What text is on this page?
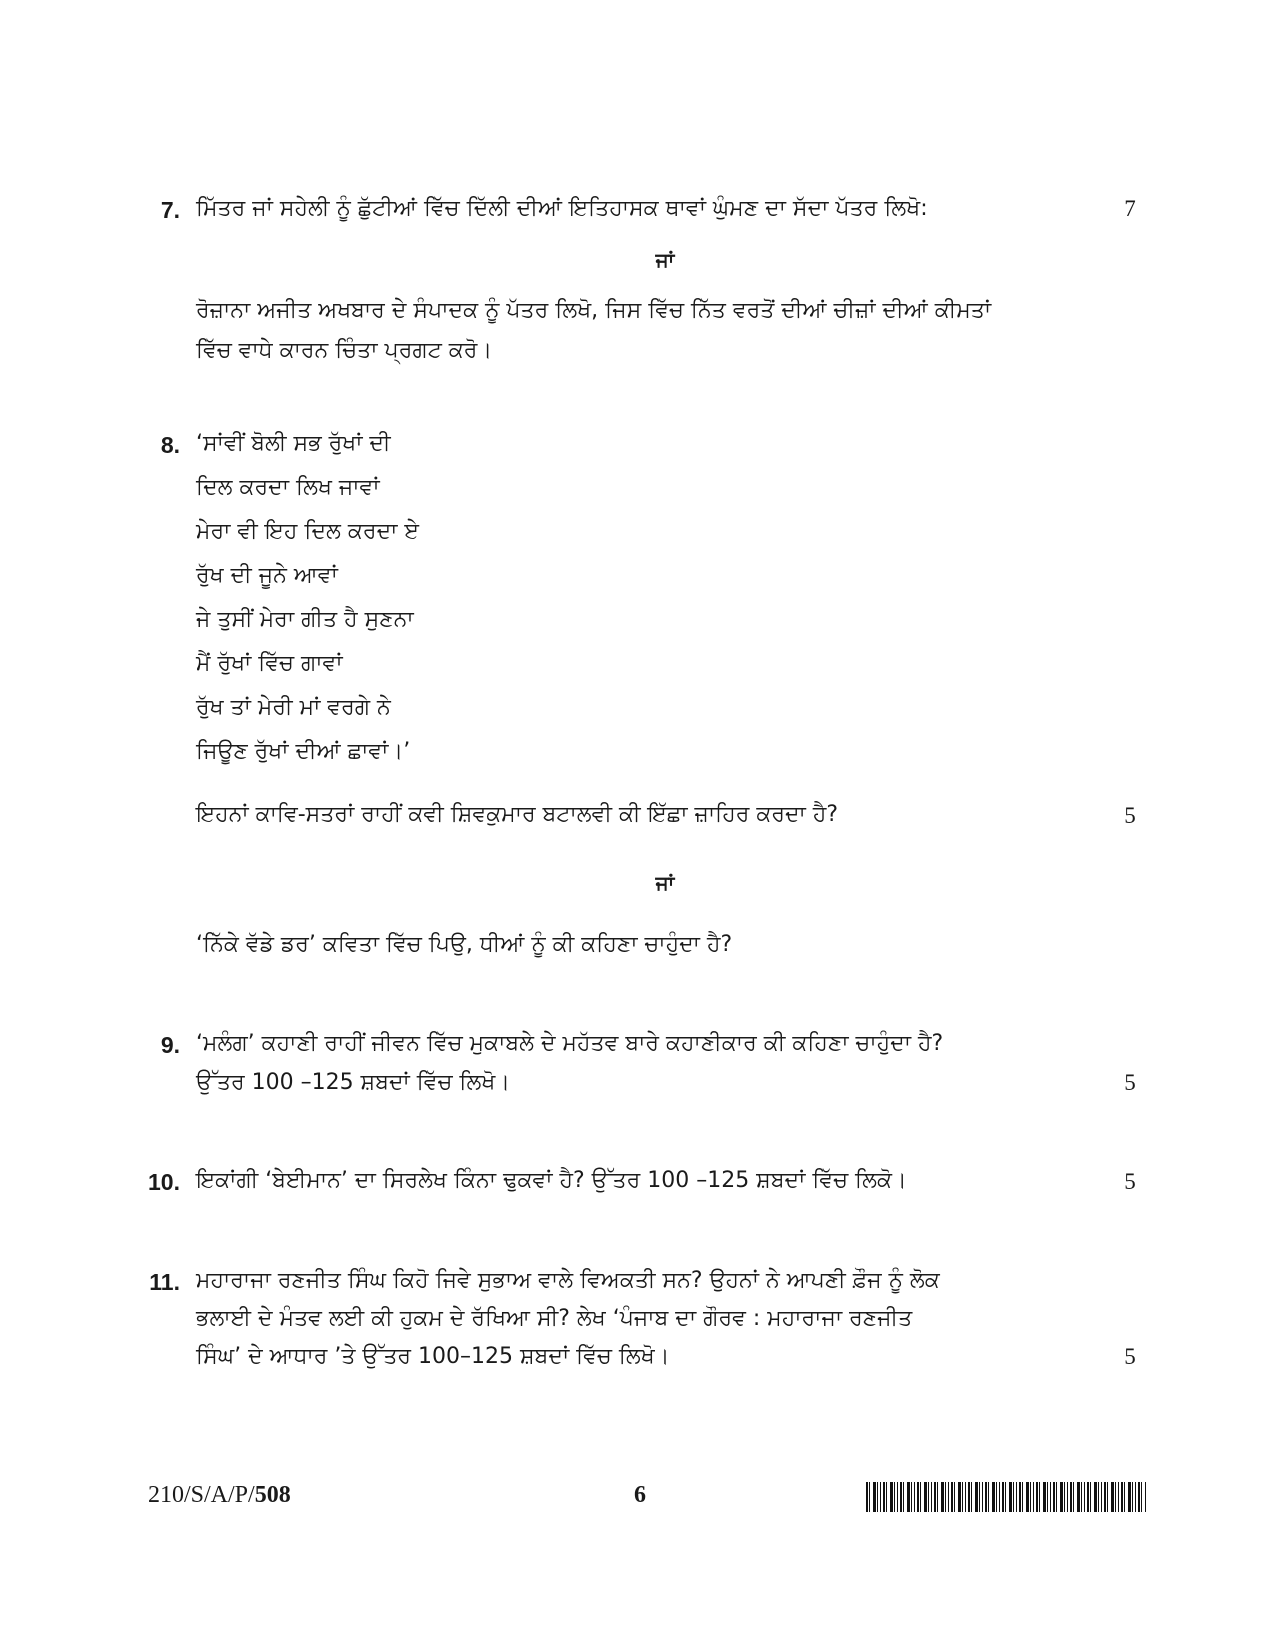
7. ਮਿੱਤਰ ਜਾਂ ਸਹੇਲੀ ਨੂੰ ਛੁੱਟੀਆਂ ਵਿੱਚ ਦਿੱਲੀ ਦੀਆਂ ਇਤਿਹਾਸਕ ਥਾਵਾਂ ਘੁੰਮਣ ਦਾ ਸੱਦਾ ਪੱਤਰ ਲਿਖੋ:	7
ਜਾਂ
ਰੋਜ਼ਾਨਾ ਅਜੀਤ ਅਖਬਾਰ ਦੇ ਸੰਪਾਦਕ ਨੂੰ ਪੱਤਰ ਲਿਖੋ, ਜਿਸ ਵਿੱਚ ਨਿੱਤ ਵਰਤੋਂ ਦੀਆਂ ਚੀਜ਼ਾਂ ਦੀਆਂ ਕੀਮਤਾਂ
ਵਿੱਚ ਵਾਧੇ ਕਾਰਨ ਚਿੰਤਾ ਪ੍ਰਗਟ ਕਰੋ।
8. ‘ਸਾਂਵੀਂ ਬੋਲੀ ਸਭ ਰੁੱਖਾਂ ਦੀ
ਦਿਲ ਕਰਦਾ ਲਿਖ ਜਾਵਾਂ
ਮੇਰਾ ਵੀ ਇਹ ਦਿਲ ਕਰਦਾ ਏ
ਰੁੱਖ ਦੀ ਜੂਨੇ ਆਵਾਂ
ਜੇ ਤੁਸੀਂ ਮੇਰਾ ਗੀਤ ਹੈ ਸੁਣਨਾ
ਮੈਂ ਰੁੱਖਾਂ ਵਿੱਚ ਗਾਵਾਂ
ਰੁੱਖ ਤਾਂ ਮੇਰੀ ਮਾਂ ਵਰਗੇ ਨੇ
ਜਿਊਣ ਰੁੱਖਾਂ ਦੀਆਂ ਛਾਵਾਂ।’
ਇਹਨਾਂ ਕਾਵਿ-ਸਤਰਾਂ ਰਾਹੀਂ ਕਵੀ ਸ਼ਿਵਕੁਮਾਰ ਬਟਾਲਵੀ ਕੀ ਇੱਛਾ ਜ਼ਾਹਿਰ ਕਰਦਾ ਹੈ?	5
ਜਾਂ
‘ਨਿੱਕੇ ਵੱਡੇ ਡਰ’ ਕਵਿਤਾ ਵਿੱਚ ਪਿਉ, ਧੀਆਂ ਨੂੰ ਕੀ ਕਹਿਣਾ ਚਾਹੁੰਦਾ ਹੈ?
9. ‘ਮਲੰਗ’ ਕਹਾਣੀ ਰਾਹੀਂ ਜੀਵਨ ਵਿੱਚ ਮੁਕਾਬਲੇ ਦੇ ਮਹੱਤਵ ਬਾਰੇ ਕਹਾਣੀਕਾਰ ਕੀ ਕਹਿਣਾ ਚਾਹੁੰਦਾ ਹੈ?
ਉੱਤਰ 100 –125 ਸ਼ਬਦਾਂ ਵਿੱਚ ਲਿਖੋ।	5
10. ਇਕਾਂਗੀ ‘ਬੇਈਮਾਨ’ ਦਾ ਸਿਰਲੇਖ ਕਿੰਨਾ ਢੁਕਵਾਂ ਹੈ? ਉੱਤਰ 100 –125 ਸ਼ਬਦਾਂ ਵਿੱਚ ਲਿਕੋ।	5
11. ਮਹਾਰਾਜਾ ਰਣਜੀਤ ਸਿੰਘ ਕਿਹੋ ਜਿਵੇ ਸੁਭਾਅ ਵਾਲੇ ਵਿਅਕਤੀ ਸਨ? ਉਹਨਾਂ ਨੇ ਆਪਣੀ ਫ਼ੌਜ ਨੂੰ ਲੋਕ
ਭਲਾਈ ਦੇ ਮੰਤਵ ਲਈ ਕੀ ਹੁਕਮ ਦੇ ਰੱਖਿਆ ਸੀ? ਲੇਖ ‘ਪੰਜਾਬ ਦਾ ਗੌਰਵ : ਮਹਾਰਾਜਾ ਰਣਜੀਤ
ਸਿੰਘ’ ਦੇ ਆਧਾਰ ’ਤੇ ਉੱਤਰ 100–125 ਸ਼ਬਦਾਂ ਵਿੱਚ ਲਿਖੋ।	5
210/S/A/P/508	6
